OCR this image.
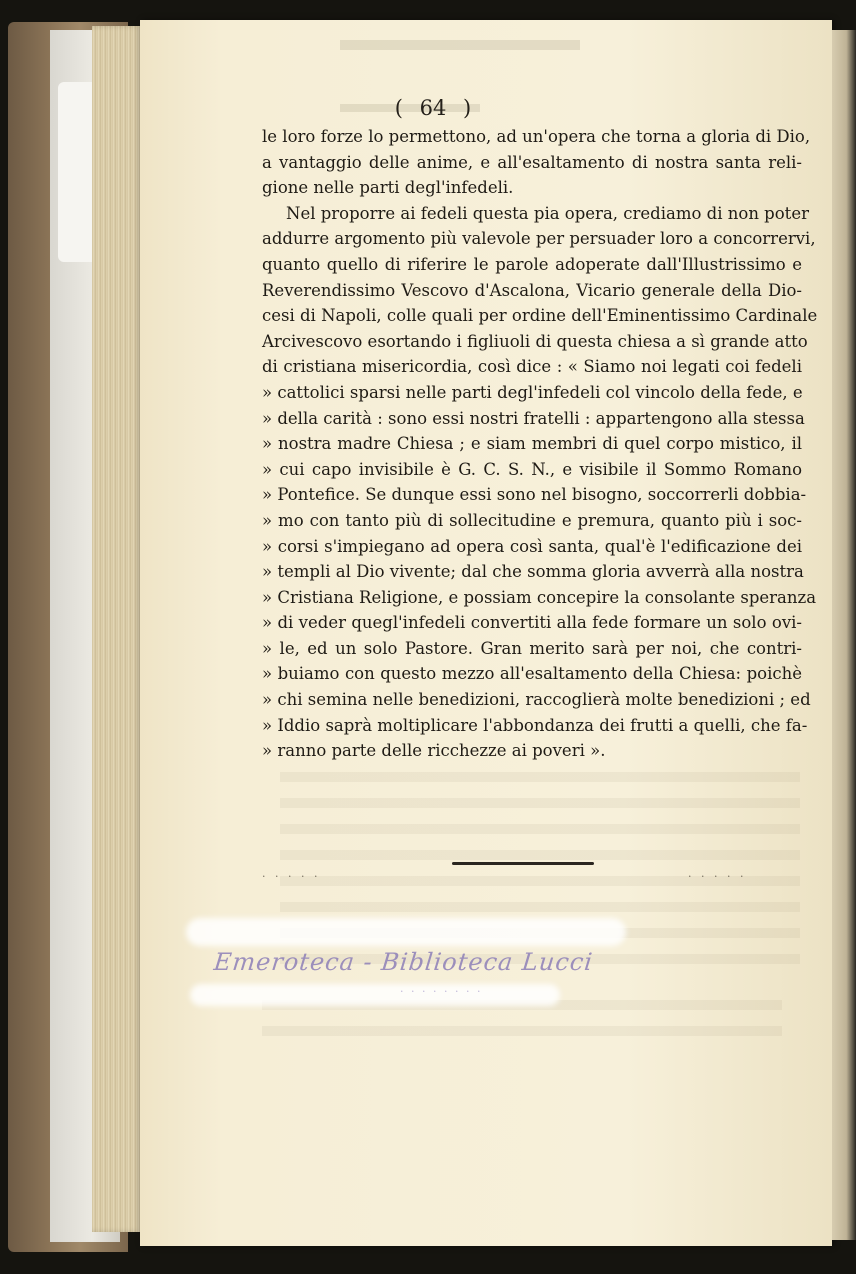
( 64 )
le loro forze lo permettono, ad un'opera che torna a gloria di Dio,
a vantaggio delle anime, e all'esaltamento di nostra santa reli-
gione nelle parti degl'infedeli.
Nel proporre ai fedeli questa pia opera, crediamo di non poter
addurre argomento più valevole per persuader loro a concorrervi,
quanto quello di riferire le parole adoperate dall'Illustrissimo e
Reverendissimo Vescovo d'Ascalona, Vicario generale della Dio-
cesi di Napoli, colle quali per ordine dell'Eminentissimo Cardinale
Arcivescovo esortando i figliuoli di questa chiesa a sì grande atto
di cristiana misericordia, così dice : « Siamo noi legati coi fedeli
» cattolici sparsi nelle parti degl'infedeli col vincolo della fede, e
» della carità : sono essi nostri fratelli : appartengono alla stessa
» nostra madre Chiesa ; e siam membri di quel corpo mistico, il
» cui capo invisibile è G. C. S. N., e visibile il Sommo Romano
» Pontefice. Se dunque essi sono nel bisogno, soccorrerli dobbia-
» mo con tanto più di sollecitudine e premura, quanto più i soc-
» corsi s'impiegano ad opera così santa, qual'è l'edificazione dei
» templi al Dio vivente; dal che somma gloria avverrà alla nostra
» Cristiana Religione, e possiam concepire la consolante speranza
» di veder quegl'infedeli convertiti alla fede formare un solo ovi-
» le, ed un solo Pastore. Gran merito sarà per noi, che contri-
» buiamo con questo mezzo all'esaltamento della Chiesa: poichè
» chi semina nelle benedizioni, raccoglierà molte benedizioni ; ed
» Iddio saprà moltiplicare l'abbondanza dei frutti a quelli, che fa-
» ranno parte delle ricchezze ai poveri ».
· · · · ·	· · · · ·
Emeroteca - Biblioteca Lucci
· · · · · · · ·
